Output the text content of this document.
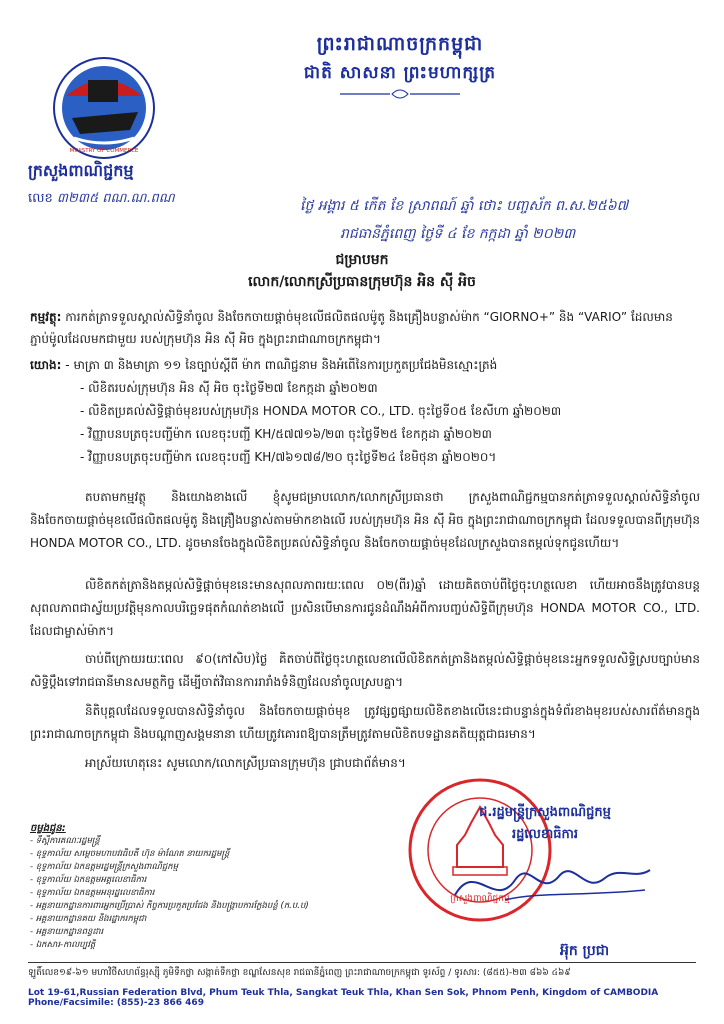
ព្រះរាជាណាចក្រកម្ពុជា
ជាតិ សាសនា ព្រះមហាក្សត្រ
MINISTRY OF COMMERCE
ក្រសួងពាណិជ្ជកម្ម
លេខ ៣២៣៥ ពណ.ណ.ពណ	ថ្ងៃ អង្គារ ៥ កើត ខែ ស្រាពណ៍ ឆ្នាំ ថោះ បញ្ចស័ក ព.ស.២៥៦៧
រាជធានីភ្នំពេញ ថ្ងៃទី ៤ ខែ កក្កដា ឆ្នាំ ២០២៣
ជម្រាបមក
លោក/លោកស្រីប្រធានក្រុមហ៊ុន អិន ស៊ី អិច
កម្មវត្ថុ: ការកត់ត្រាទទួលស្គាល់សិទ្ធិនាំចូល និងចែកចាយផ្តាច់មុខលើផលិតផលម៉ូតូ និងគ្រឿងបន្លាស់ម៉ាក “GIORNO+” និង “VARIO” ដែលមានភ្ជាប់ម៉ូលដែលមកជាមួយ របស់ក្រុមហ៊ុន អិន ស៊ី អិច ក្នុងព្រះរាជាណាចក្រកម្ពុជា។
យោង: - មាត្រា ៣ និងមាត្រា ១១ នៃច្បាប់ស្តីពី ម៉ាក ពាណិជ្ជនាម និងអំពើនៃការប្រកួតប្រជែងមិនស្មោះត្រង់
- លិខិតរបស់ក្រុមហ៊ុន អិន ស៊ី អិច ចុះថ្ងៃទី២៧ ខែកក្កដា ឆ្នាំ២០២៣
- លិខិតប្រគល់សិទ្ធិផ្តាច់មុខរបស់ក្រុមហ៊ុន HONDA MOTOR CO., LTD. ចុះថ្ងៃទី០៥ ខែសីហា ឆ្នាំ២០២៣
- វិញ្ញាបនបត្រចុះបញ្ជីម៉ាក លេខចុះបញ្ជី KH/៥៧៧១៦/២៣ ចុះថ្ងៃទី២៥ ខែកក្កដា ឆ្នាំ២០២៣
- វិញ្ញាបនបត្រចុះបញ្ជីម៉ាក លេខចុះបញ្ជី KH/៧៦១៧៨/២០ ចុះថ្ងៃទី២៤ ខែមិថុនា ឆ្នាំ២០២០។
តបតាមកម្មវត្ថុ និងយោងខាងលើ ខ្ញុំសូមជម្រាបលោក/លោកស្រីប្រធានថា ក្រសួងពាណិជ្ជកម្មបានកត់ត្រាទទួលស្គាល់សិទ្ធិនាំចូល និងចែកចាយផ្តាច់មុខលើផលិតផលម៉ូតូ និងគ្រឿងបន្លាស់តាមម៉ាកខាងលើ របស់ក្រុមហ៊ុន អិន ស៊ី អិច ក្នុងព្រះរាជាណាចក្រកម្ពុជា ដែលទទួលបានពីក្រុមហ៊ុន HONDA MOTOR CO., LTD. ដូចមានចែងក្នុងលិខិតប្រគល់សិទ្ធិនាំចូល និងចែកចាយផ្តាច់មុខដែលក្រសួងបានតម្កល់ទុកជូនហើយ។
លិខិតកត់ត្រានិងតម្កល់សិទ្ធិផ្តាច់មុខនេះមានសុពលភាពរយៈពេល ០២(ពីរ)ឆ្នាំ ដោយគិតចាប់ពីថ្ងៃចុះហត្ថលេខា ហើយអាចនឹងត្រូវបានបន្តសុពលភាពជាស្វ័យប្រវត្តិមុនកាលបរិច្ឆេទផុតកំណត់ខាងលើ ប្រសិនបើមានការជូនដំណឹងអំពីការបញ្ចប់សិទ្ធិពីក្រុមហ៊ុន HONDA MOTOR CO., LTD. ដែលជាម្ចាស់ម៉ាក។
ចាប់ពីក្រោយរយៈពេល ៩០(កៅសិប)ថ្ងៃ គិតចាប់ពីថ្ងៃចុះហត្ថលេខាលើលិខិតកត់ត្រានិងតម្កល់សិទ្ធិផ្តាច់មុខនេះអ្នកទទួលសិទ្ធិស្របច្បាប់មានសិទ្ធិប្តឹងទៅរាជធានីមានសមត្ថកិច្ច ដើម្បីចាត់វិធានការរារាំងទំនិញដែលនាំចូលស្របគ្នា។
និតិបុគ្គលដែលទទួលបានសិទ្ធិនាំចូល និងចែកចាយផ្តាច់មុខ ត្រូវផ្សព្វផ្សាយលិខិតខាងលើនេះជាបន្ទាន់ក្នុងទំព័រខាងមុខរបស់សារព័ត៌មានក្នុងព្រះរាជាណាចក្រកម្ពុជា និងបណ្តាញសង្គមនានា ហើយត្រូវគោរពឱ្យបានត្រឹមត្រូវតាមលិខិតបទដ្ឋានគតិយុត្តជាធរមាន។
អាស្រ័យហេតុនេះ សូមលោក/លោកស្រីប្រធានក្រុមហ៊ុន ជ្រាបជាព័ត៌មាន។
ក្រសួងពាណិជ្ជកម្ម
ជ.រដ្ឋមន្ត្រីក្រសួងពាណិជ្ជកម្ម
រដ្ឋលេខាធិការ
អ៊ុក ប្រជា
ចម្លងជូន:
- ទីស្តីការគណៈរដ្ឋមន្ត្រី
- ខុទ្ទកាល័យ សម្តេចមហាបវរធិបតី ហ៊ុន ម៉ាណែត នាយករដ្ឋមន្ត្រី
- ខុទ្ទកាល័យ ឯកឧត្តមរដ្ឋមន្ត្រីក្រសួងពាណិជ្ជកម្ម
- ខុទ្ទកាល័យ ឯកឧត្តមអគ្គលេខាធិការ
- ខុទ្ទកាល័យ ឯកឧត្តមអនុរដ្ឋលេខាធិការ
- អគ្គនាយកដ្ឋានការពារអ្នកប្រើប្រាស់ កិច្ចការប្រកួតប្រជែង និងបង្ក្រាបការក្លែងបន្លំ (ក.ប.ប)
- អគ្គនាយកដ្ឋានគយ និងរដ្ឋាករកម្ពុជា
- អគ្គនាយកដ្ឋានពន្ធដារ
- ឯកសារ-កាលប្បវត្តិ
ឡូតិ៍លេខ១៩-៦១ មហាវិថីសហព័ន្ធរុស្ស៊ី ភូមិទឹកថ្លា សង្កាត់ទឹកថ្លា ខណ្ឌសែនសុខ រាជធានីភ្នំពេញ ព្រះរាជាណាចក្រកម្ពុជា ទូរស័ព្ទ / ទូរសារ: (៨៥៥)-២៣ ៨៦៦ ៤៦៩
Lot 19-61,Russian Federation Blvd, Phum Teuk Thla, Sangkat Teuk Thla, Khan Sen Sok, Phnom Penh, Kingdom of CAMBODIA Phone/Facsimile: (855)-23 866 469
